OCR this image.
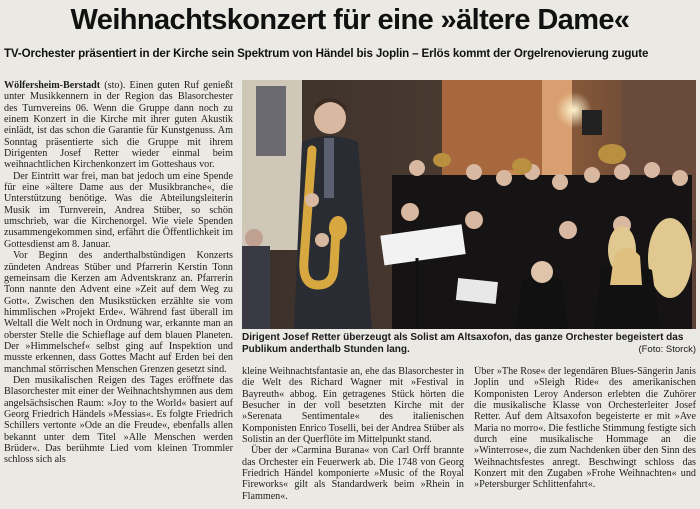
Weihnachtskonzert für eine »ältere Dame«
TV-Orchester präsentiert in der Kirche sein Spektrum von Händel bis Joplin – Erlös kommt der Orgelrenovierung zugute

Wölfersheim-Berstadt (sto). Einen guten Ruf genießt unter Musikkennern in der Region das Blasorchester des Turnvereins 06. Wenn die Gruppe dann noch zu einem Konzert in die Kirche mit ihrer guten Akustik einlädt, ist das schon die Garantie für Kunstgenuss. Am Sonntag präsentierte sich die Gruppe mit ihrem Dirigenten Josef Retter wieder einmal beim weihnachtlichen Kirchenkonzert im Gotteshaus vor.

Der Eintritt war frei, man bat jedoch um eine Spende für eine »ältere Dame aus der Musikbranche«, die Unterstützung benötige. Was die Abteilungsleiterin Musik im Turnverein, Andrea Stüber, so schön umschrieb, war die Kirchenorgel. Wie viele Spenden zusammengekommen sind, erfährt die Öffentlichkeit im Gottesdienst am 8. Januar.

Vor Beginn des anderthalbstündigen Konzerts zündeten Andreas Stüber und Pfarrerin Kerstin Tonn gemeinsam die Kerzen am Adventskranz an. Pfarrerin Tonn nannte den Advent eine »Zeit auf dem Weg zu Gott«. Zwischen den Musikstücken erzählte sie vom himmlischen »Projekt Erde«. Während fast überall im Weltall die Welt noch in Ordnung war, erkannte man an oberster Stelle die Schieflage auf dem blauen Planeten. Der »Himmelschef« selbst ging auf Inspektion und musste erkennen, dass Gottes Macht auf Erden bei den manchmal störrischen Menschen Grenzen gesetzt sind.

Den musikalischen Reigen des Tages eröffnete das Blasorchester mit einer der Weihnachtshymnen aus dem angelsächsischen Raum: »Joy to the World« basiert auf Georg Friedrich Händels »Messias«. Es folgte Friedrich Schillers vertonte »Ode an die Freude«, ebenfalls allen bekannt unter dem Titel »Alle Menschen werden Brüder«. Das berühmte Lied vom kleinen Trommler schloss sich als

Dirigent Josef Retter überzeugt als Solist am Altsaxofon, das ganze Orchester begeistert das Publikum anderthalb Stunden lang.	(Foto: Storck)

kleine Weihnachtsfantasie an, ehe das Blasorchester in die Welt des Richard Wagner mit »Festival in Bayreuth« abbog. Ein getragenes Stück hörten die Besucher in der voll besetzten Kirche mit der »Serenata Sentimentale« des italienischen Komponisten Enrico Toselli, bei der Andrea Stüber als Solistin an der Querflöte im Mittelpunkt stand.

Über der »Carmina Burana« von Carl Orff brannte das Orchester ein Feuerwerk ab. Die 1748 von Georg Friedrich Händel komponierte »Music of the Royal Fireworks« gilt als Standardwerk beim »Rhein in Flammen«.

Über »The Rose« der legendären Blues-Sängerin Janis Joplin und »Sleigh Ride« des amerikanischen Komponisten Leroy Anderson erlebten die Zuhörer die musikalische Klasse von Orchesterleiter Josef Retter. Auf dem Altsaxofon begeisterte er mit »Ave Maria no morro«. Die festliche Stimmung festigte sich durch eine musikalische Hommage an die »Winterrose«, die zum Nachdenken über den Sinn des Weihnachtsfestes anregt. Beschwingt schloss das Konzert mit den Zugaben »Frohe Weihnachten« und »Petersburger Schlittenfahrt«.
